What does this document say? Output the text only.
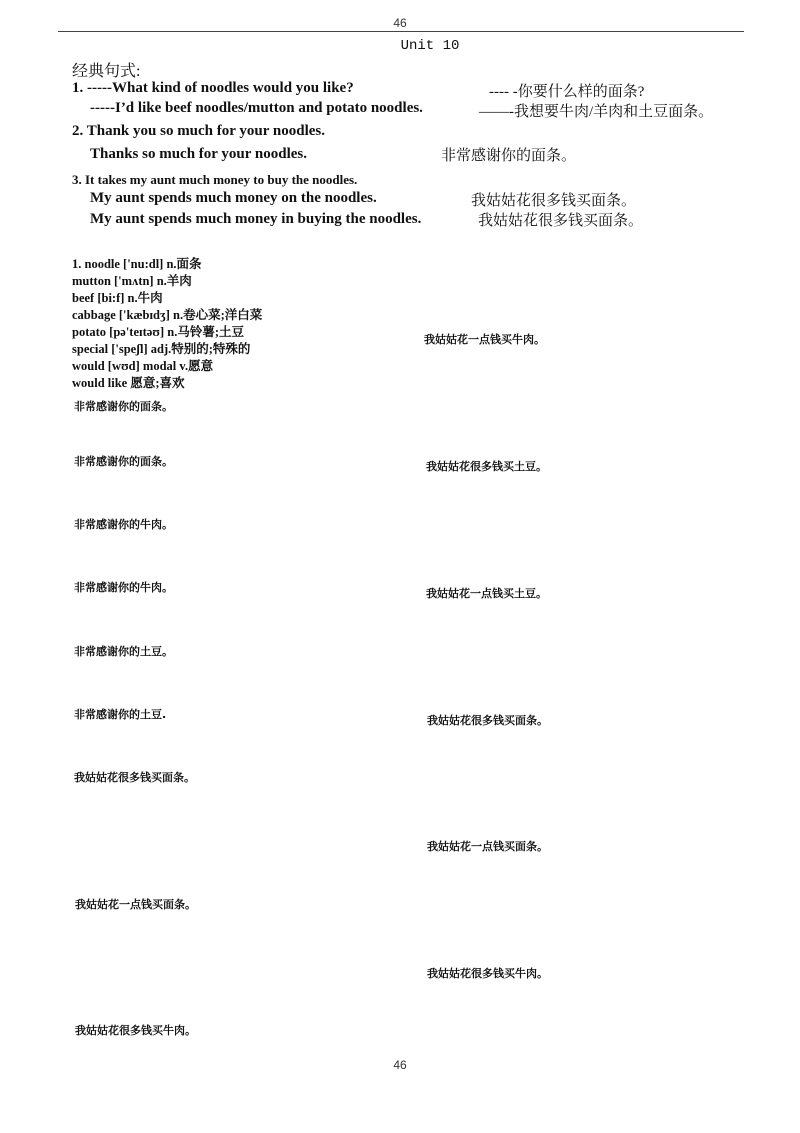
46
Unit 10
经典句式:
1. -----What kind of noodles would you like?	---- -你要什么样的面条?
-----I’d like beef noodles/mutton and potato noodles.	——-我想要牛肉/羊肉和土豆面条。
2. Thank you so much for your noodles.
Thanks so much for your noodles.	非常感谢你的面条。
3. It takes my aunt much money to buy the noodles.
My aunt spends much money on the noodles.	我姑姑花很多钱买面条。
My aunt spends much money in buying the noodles.	我姑姑花很多钱买面条。
1. noodle ['nu:dl] n.面条
mutton ['mʌtn] n.羊肉
beef [bi:f] n.牛肉
cabbage ['kæbɪdʒ] n.卷心菜;洋白菜
potato [pə'teɪtəʊ] n.马铃薯;土豆
special ['speʃl] adj.特别的;特殊的
would [wʊd] modal v.愿意
would like 愿意;喜欢
非常感谢你的面条。
非常感谢你的面条。
非常感谢你的牛肉。
非常感谢你的牛肉。
非常感谢你的土豆。
非常感谢你的土豆.
我姑姑花很多钱买面条。
我姑姑花一点钱买面条。
我姑姑花很多钱买牛肉。
我姑姑花一点钱买牛肉。
我姑姑花很多钱买土豆。
我姑姑花一点钱买土豆。
我姑姑花很多钱买面条。
我姑姑花一点钱买面条。
我姑姑花很多钱买牛肉。
46
